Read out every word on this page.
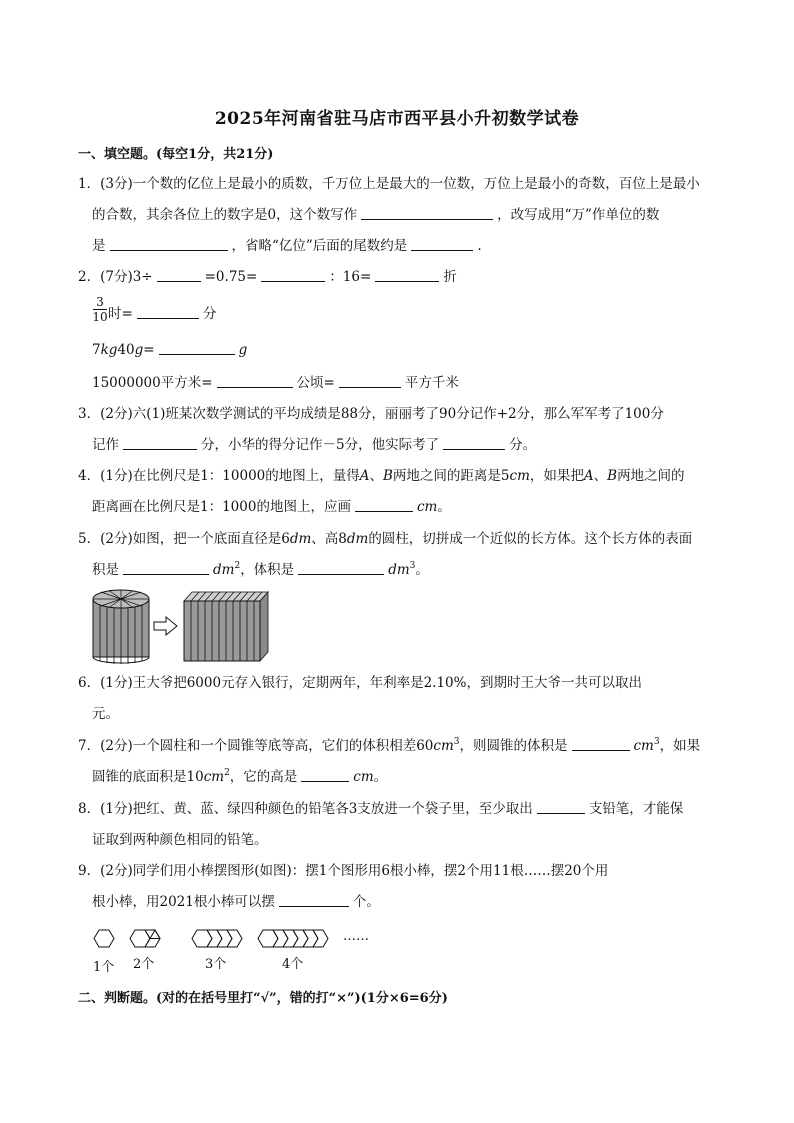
2025年河南省驻马店市西平县小升初数学试卷
一、填空题。(每空1分，共21分)
1．(3分)一个数的亿位上是最小的质数，千万位上是最大的一位数，万位上是最小的奇数，百位上是最小
的合数，其余各位上的数字是0，这个数写作	，改写成用“万”作单位的数
是	，省略“亿位”后面的尾数约是	.
2．(7分)3÷	=0.75=	：16=	折
3
10 时=	分
7kg40g=	g
15000000平方米=	公顷=	平方千米
3．(2分)六(1)班某次数学测试的平均成绩是88分，丽丽考了90分记作+2分，那么军军考了100分
记作	分，小华的得分记作－5分，他实际考了	分。
4．(1分)在比例尺是1：10000的地图上，量得A、B两地之间的距离是5cm，如果把A、B两地之间的
距离画在比例尺是1：1000的地图上，应画	cm。
5．(2分)如图，把一个底面直径是6dm、高8dm的圆柱，切拼成一个近似的长方体。这个长方体的表面
积是	$dm^2$，体积是	$dm^3$。
6．(1分)王大爷把6000元存入银行，定期两年，年利率是2.10%，到期时王大爷一共可以取出
元。
7．(2分)一个圆柱和一个圆锥等底等高，它们的体积相差$60cm^3$，则圆锥的体积是	$cm^3$，如果
圆锥的底面积是$10cm^2$，它的高是	cm。
8．(1分)把红、黄、蓝、绿四种颜色的铅笔各3支放进一个袋子里，至少取出	支铅笔，才能保
证取到两种颜色相同的铅笔。
9．(2分)同学们用小棒摆图形(如图)：摆1个图形用6根小棒，摆2个用11根……摆20个用
根小棒，用2021根小棒可以摆	个。
……
1个 2个	3个	4个
二、判断题。(对的在括号里打“√”，错的打“×”)(1分×6=6分)
